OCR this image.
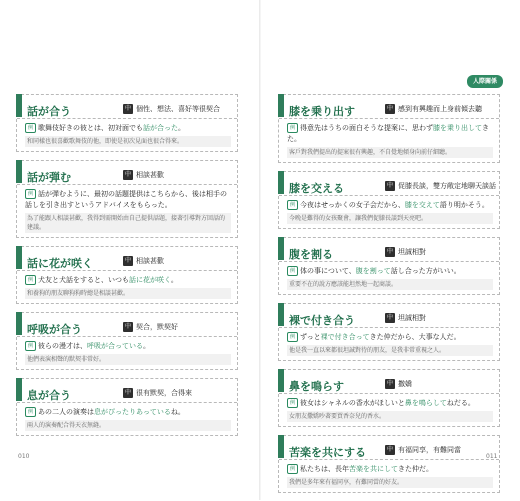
人際關係
話が合う	中 個性、想法、喜好等很契合
例 歌舞伎好きの彼とは、初対面でも話が合った。
和同樣也很喜歡歌舞伎的他，即使是初次見面也很合得來。
話が弾む	中 相談甚歡
例 話が弾むように、最初の話題提供はこちらから、後は相手の話しを引き出すというアドバイスをもらった。
為了能跟人相談甚歡，我得到需開始由自己提供話題，接著引導對方回話的建議。
話に花が咲く	中 相談甚歡
例 犬友と犬話をすると、いつも話に花が咲く。
和養狗的朋友聊狗狗時總是相談甚歡。
呼吸が合う	中 契合，默契好
例 彼らの漫才は、呼吸が合っている。
他們表演相聲的默契非常好。
息が合う	中 很有默契，合得來
例 あの二人の演奏は息がぴったりあっているね。
兩人的演奏配合得天衣無縫。
膝を乗り出す	中 感到有興趣而上身前傾去聽
例 得意先はうちの面白そうな提案に、思わず膝を乗り出してきた。
客戶對我們提出的提案很有興趣，不自覺地傾身向前仔細聽。
膝を交える	中 促膝長談，雙方敞定地聊天談話
例 今夜はせっかくの女子会だから、膝を交えて語り明かそう。
今晚是難得的女孩聚會，讓我們促膝長談到天亮吧。
腹を割る	中 坦誠相對
例 体の事について、腹を割って話し合った方がいい。
重要不在的說方應該能坦然地一起商談。
裸で付き合う	中 坦誠相對
例 ずっと裸で付き合ってきた仲だから、大事な人だ。
他是我一直以來都很坦誠對待的朋友，是我非常重視之人。
鼻を鳴らす	中 撒嬌
例 彼女はシャネルの香水がほしいと鼻を鳴らしてねだる。
女朋友撒嬌吵著要買香奈兒的香水。
苦楽を共にする	中 有福同享，有難同當
例 私たちは、長年苦楽を共にしてきた仲だ。
我們是多年來有福同享，有難同當的好友。
010	011
